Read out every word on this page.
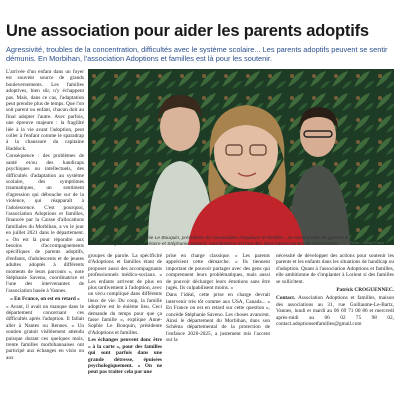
Une association pour aider les parents adoptifs
Agressivité, troubles de la concentration, difficultés avec le système scolaire... Les parents adoptifs peuvent se sentir démunis. En Morbihan, l'association Adoptions et familles est là pour les soutenir.

L'arrivée d'un enfant dans un foyer est souvent source de grands bouleversements. Les familles adoptives, bien sûr, n'y échappent pas. Mais, dans ce cas, l'adaptation peut prendre plus de temps. Que l'on soit parent ou enfant, chacun doit au final adopter l'autre. Avec parfois, une épreuve majeure : la fragilité liée à la vie avant l'adoption, peut coller à l'enfant comme le sparadrap à la chaussure du capitaine Haddock.

Conséquence : des problèmes de santé et/ou des handicaps psychiques ou intellectuels, des difficultés d'adaptation au système scolaire, des symptômes traumatiques, un sentiment d'agression qui débouche sur de la violence, qui réapparaît à l'adolescence. C'est pourquoi, l'association Adoptions et familles, financée par la Caisse d'allocations familiales du Morbihan, a vu le jour en juillet 2021 dans le département. « On est là pour répondre aux besoins d'accompagnements spécifiques de parents adoptifs, d'enfants, d'adolescents et de jeunes adultes adoptés à différents moments de leurs parcours », note Stéphanie Saveno, coordinatrice et l'une des intervenantes de l'association basée à Vannes.

« En France, on est en retard »

« Avant, il avait un manque dans le département concernant ces difficultés après l'adoption. Il fallait aller à Nantes ou Rennes. » Un soutien gratuit visiblement attendu puisque durant ces quelques mois, trente familles morbihannaises ont participé aux échanges en visio ou aux

Photo : Ouest-France
Au premier plan : Anne-Sophie Le Bouquin, présidente de l'association Adoptions et familles ; au second plan de gauche à droite : Fanny Jeanmin, secrétaire et Stéphanie Saveno, coordinatrice et l'une des deux intervenantes de l'association.

groupes de parole. La spécificité d'Adoptions et familles étant de proposer aussi des accompagnants professionnels médico-sociaux. « Les enfants arrivent de plus en plus tardivement à l'adoption, avec un vécu compliqué dans différents lieux de vie. Du coup, la famille adoptive est le énième lieu. Ceci demande du temps pour que ça fasse famille », explique Anne-Sophie Le Bouquin, présidente d'Adoptions et familles.

Les échanges peuvent donc être « à la carte », pour des familles qui sont parfois dans une grande détresse, épuisées psychologiquement. « On ne peut pas traiter cela par une

prise en charge classique. » Les parents apprécient cette démarche. « Ils tiennent important de pouvoir partager avec des gens qui comprennent leurs problématiques, mais aussi de pouvoir décharger leurs émotions sans être jugés. Ils culpabilisent moins. »

Dans l'idéal, cette prise en charge devrait intervenir très tôt comme aux USA, Canada... « En France on est en retard sur cette question », concède Stéphanie Saveno. Les choses avancent. Ainsi le département du Morbihan, dans son Schéma départemental de la protection de l'enfance 2020-2025, a justement mis l'accent sur la

nécessité de développer des actions pour soutenir les parents et les enfants dans les situations de handicap ou d'adoption. Quant à l'association Adoptions et familles, elle ambitionne de s'implanter à Lorient si des familles se sollicitent.

Patrick CROGUENNEC.

Contact. Association Adoptions et familles, maison des associations au 31, rue Guillaume-Le-Bartz, Vannes, lundi et mardi au 06 69 71 00 86 et mercredi après-midi au 06 02 75 98 02, contact.adoptionsetfamilles@gmail.com
